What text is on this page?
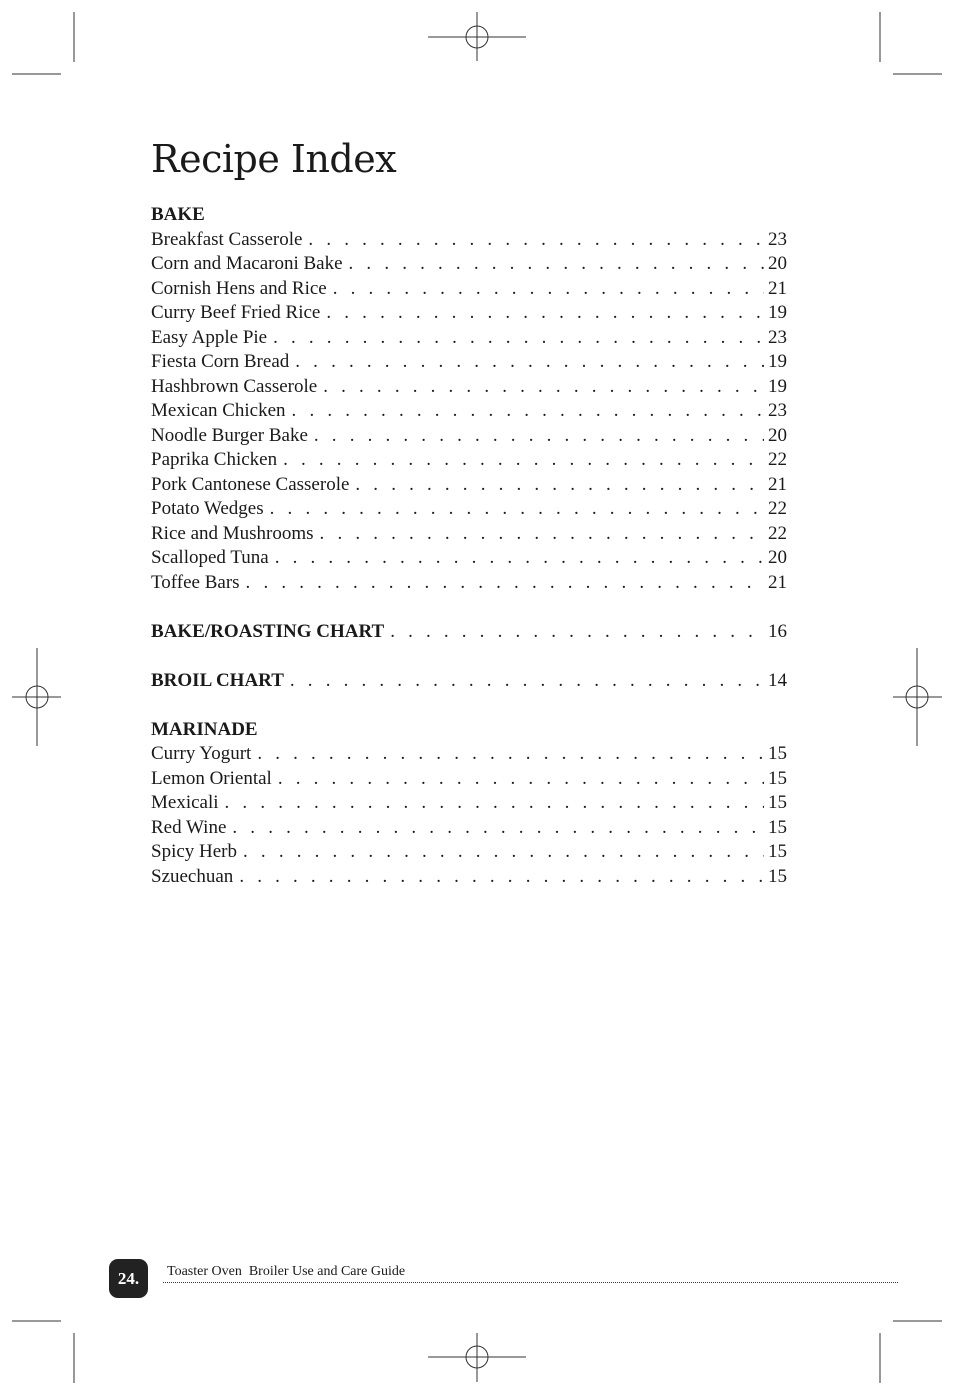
Recipe Index
BAKE
Breakfast Casserole . . .	23
Corn and Macaroni Bake . . .	20
Cornish Hens and Rice . . .	21
Curry Beef Fried Rice . . .	19
Easy Apple Pie . . .	23
Fiesta Corn Bread . . .	19
Hashbrown Casserole . . .	19
Mexican Chicken . . .	23
Noodle Burger Bake . . .	20
Paprika Chicken . . .	22
Pork Cantonese Casserole . . .	21
Potato Wedges . . .	22
Rice and Mushrooms . . .	22
Scalloped Tuna . . .	20
Toffee Bars . . .	21
BAKE/ROASTING CHART . . .	16
BROIL CHART . . .	14
MARINADE
Curry Yogurt . . .	15
Lemon Oriental . . .	15
Mexicali . . .	15
Red Wine . . .	15
Spicy Herb . . .	15
Szuechuan . . .	15
24.	Toaster Oven  Broiler Use and Care Guide
